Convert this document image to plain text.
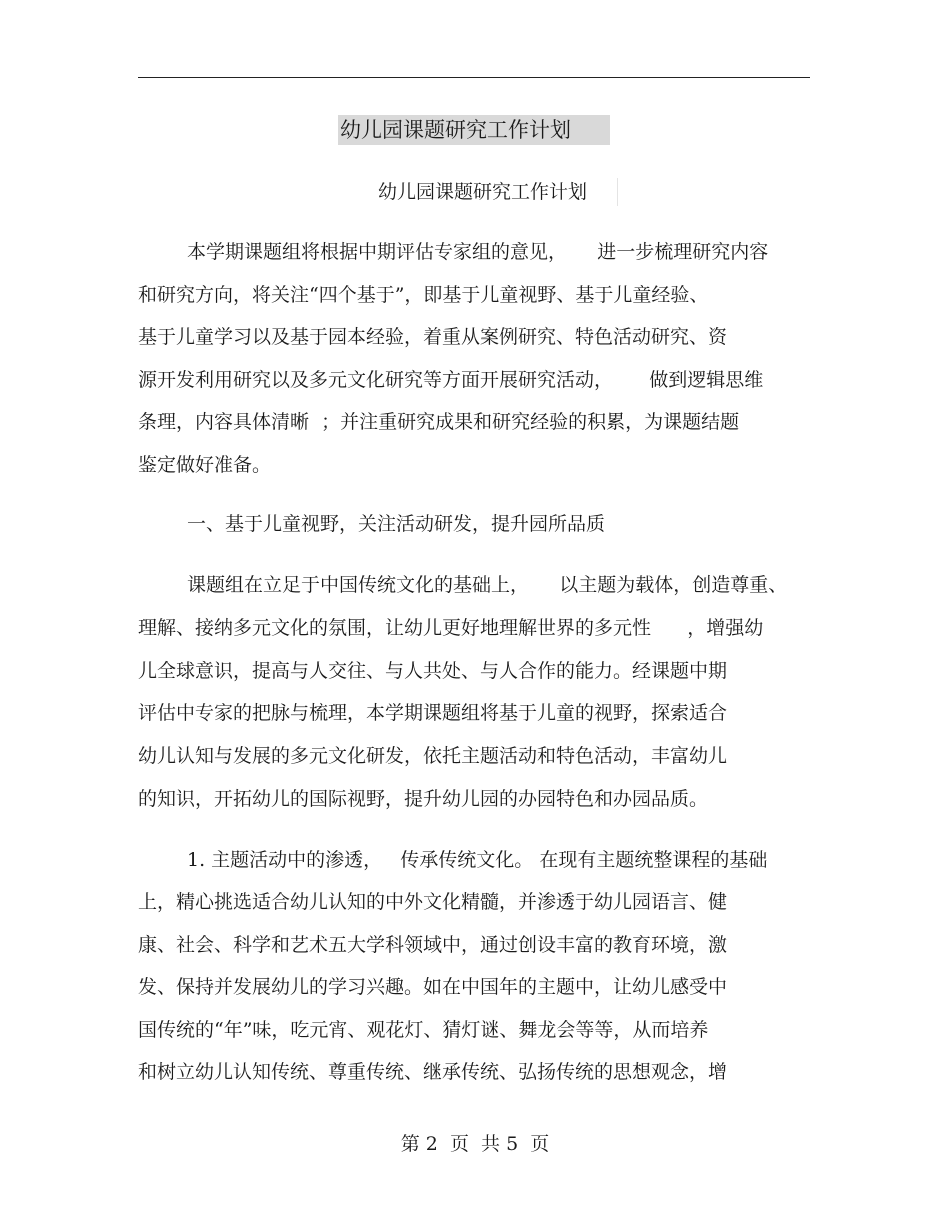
幼儿园课题研究工作计划
幼儿园课题研究工作计划
本学期课题组将根据中期评估专家组的意见，     进一步梳理研究内容
和研究方向，将关注“四个基于”，即基于儿童视野、基于儿童经验、
基于儿童学习以及基于园本经验，着重从案例研究、特色活动研究、资
源开发利用研究以及多元文化研究等方面开展研究活动，      做到逻辑思维
条理，内容具体清晰  ；并注重研究成果和研究经验的积累，为课题结题
鉴定做好准备。
一、基于儿童视野，关注活动研发，提升园所品质
课题组在立足于中国传统文化的基础上，     以主题为载体，创造尊重、
理解、接纳多元文化的氛围，让幼儿更好地理解世界的多元性      ，增强幼
儿全球意识，提高与人交往、与人共处、与人合作的能力。经课题中期
评估中专家的把脉与梳理，本学期课题组将基于儿童的视野，探索适合
幼儿认知与发展的多元文化研发，依托主题活动和特色活动，丰富幼儿
的知识，开拓幼儿的国际视野，提升幼儿园的办园特色和办园品质。
1. 主题活动中的渗透，   传承传统文化。 在现有主题统整课程的基础
上，精心挑选适合幼儿认知的中外文化精髓，并渗透于幼儿园语言、健
康、社会、科学和艺术五大学科领域中，通过创设丰富的教育环境，激
发、保持并发展幼儿的学习兴趣。如在中国年的主题中，让幼儿感受中
国传统的“年”味，吃元宵、观花灯、猜灯谜、舞龙会等等，从而培养
和树立幼儿认知传统、尊重传统、继承传统、弘扬传统的思想观念，增
第 2  页  共 5  页
